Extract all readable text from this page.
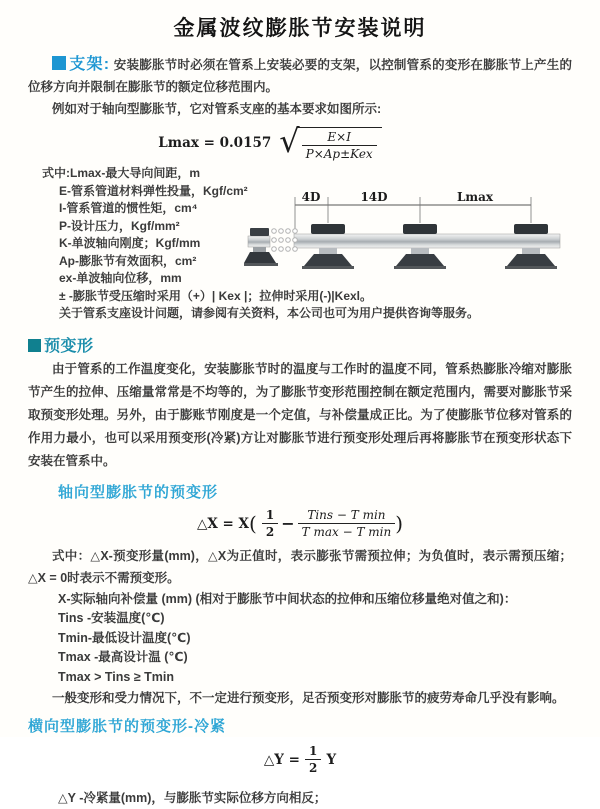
金属波纹膨胀节安装说明
支架: 安装膨胀节时必须在管系上安装必要的支架，以控制管系的变形在膨胀节上产生的位移方向并限制在膨胀节的额定位移范围内。
例如对于轴向型膨胀节，它对管系支座的基本要求如图所示:
Lmax = 0.0157 √ $\frac{E\times I}{\text{P×Ap±Kex}}$
式中:Lmax-最大导向间距，m
E-管系管道材料弹性投量，Kgf/cm²
I-管系管道的惯性矩，cm⁴
P-设计压力，Kgf/mm²
K-单波轴向刚度；Kgf/mm
Ap-膨胀节有效面积，cm²
ex-单波轴向位移，mm
± -膨胀节受压缩时采用（+）| Kex |；拉伸时采用(-)|Kexl。
关于管系支座设计问题，请参阅有关资料，本公司也可为用户提供咨询等服务。
4D	14D	Lmax
预变形
由于管系的工作温度变化，安装膨胀节时的温度与工作时的温度不同，管系热膨胀冷缩对膨胀节产生的拉伸、压缩量常常是不均等的，为了膨胀节变形范围控制在额定范围内，需要对膨胀节采取预变形处理。另外，由于膨账节刚度是一个定值，与补偿量成正比。为了使膨胀节位移对管系的作用力最小，也可以采用预变形(冷紧)方让对膨胀节进行预变形处理后再将膨胀节在预变形状态下安装在管系中。
轴向型膨胀节的预变形
△X = $X( \frac{1}{2} - \frac{\text{Tins − T min}}{\text{T max − T min}}$ )
式中：△X-预变形量(mm)，△X为正值时，表示膨张节需预拉伸；为负值时，表示需预压缩；△X = 0时表示不需预变形。
X-实际轴向补偿量 (mm) (相对于膨胀节中间状态的拉伸和压缩位移量绝对值之和)：
Tins -安装温度(℃)
Tmin-最低设计温度(℃)
Tmax -最高设计温 (℃)
Tmax > Tins ≥ Tmin
一般变形和受力情况下，不一定进行预变形，足否预变形对膨胀节的疲劳寿命几乎没有影响。
横向型膨胀节的预变形-冷紧
△Y = $\frac{1}{2}$ Y
△Y -冷紧量(mm)，与膨胀节实际位移方向相反；
